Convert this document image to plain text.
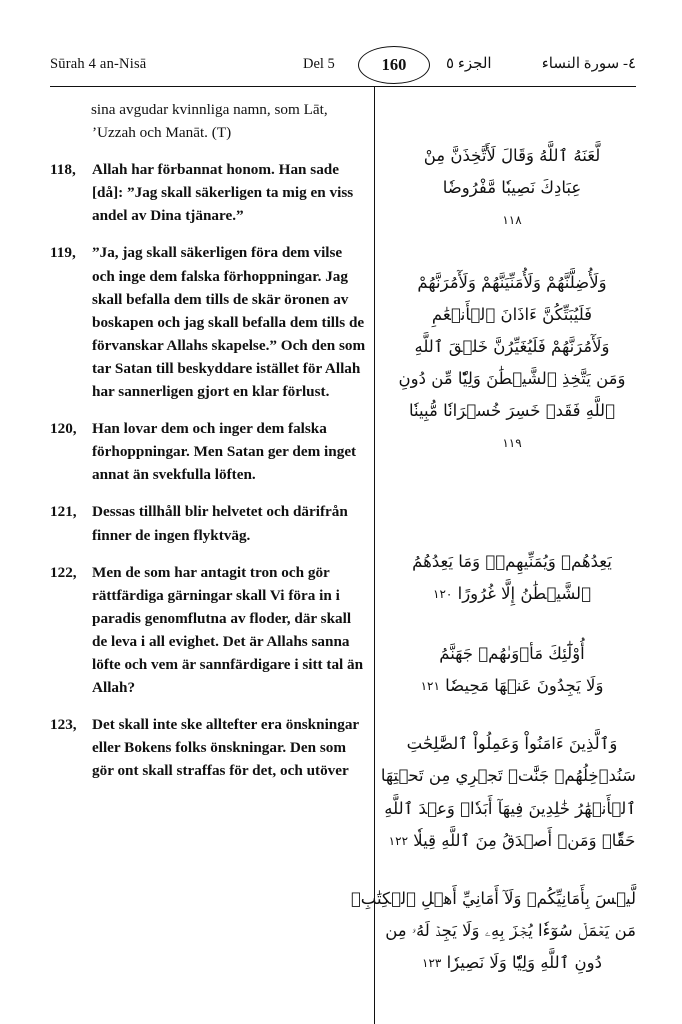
Sūrah 4 an-Nisā	Del 5	160	الجزء ٥	٤- سورة النساء
sina avgudar kvinnliga namn, som Lāt, ’Uzzah och Manāt. (T)
118,	Allah har förbannat honom. Han sade [då]: ”Jag skall säkerligen ta mig en viss andel av Dina tjänare.”
119,	”Ja, jag skall säkerligen föra dem vilse och inge dem falska förhoppningar. Jag skall befalla dem tills de skär öronen av boskapen och jag skall befalla dem tills de förvanskar Allahs skapelse.” Och den som tar Satan till beskyddare istället för Allah har sannerligen gjort en klar förlust.
120,	Han lovar dem och inger dem falska förhoppningar. Men Satan ger dem inget annat än svekfulla löften.
121,	Dessas tillhåll blir helvetet och därifrån finner de ingen flyktväg.
122,	Men de som har antagit tron och gör rättfärdiga gärningar skall Vi föra in i paradis genomflutna av floder, där skall de leva i all evighet. Det är Allahs sanna löfte och vem är sannfärdigare i sitt tal än Allah?
123,	Det skall inte ske alltefter era önskningar eller Bokens folks önskningar. Den som gör ont skall straffas för det, och utöver
لَّعَنَهُ ٱللَّهُ وَقَالَ لَأَتَّخِذَنَّ مِنْ
عِبَادِكَ نَصِيبٗا مَّفْرُوضٗا
١١٨
وَلَأُضِلَّنَّهُمْ وَلَأُمَنِّيَنَّهُمْ وَلَأٓمُرَنَّهُمْ
فَلَيُبَتِّكُنَّ ءَاذَانَ ٱلۡأَنۡعَٰمِ
وَلَأٓمُرَنَّهُمْ فَلَيُغَيِّرُنَّ خَلۡقَ ٱللَّهِ
وَمَن يَتَّخِذِ ٱلشَّيۡطَٰنَ وَلِيّٗا مِّن دُونِ
ٱللَّهِ فَقَدۡ خَسِرَ خُسۡرَانٗا مُّبِينٗا
١١٩
يَعِدُهُمۡ وَيُمَنِّيهِمۡۖ وَمَا يَعِدُهُمُ
ٱلشَّيۡطَٰنُ إِلَّا غُرُورًا ١٢٠
أُوْلَٰٓئِكَ مَأۡوَىٰهُمۡ جَهَنَّمُ
وَلَا يَجِدُونَ عَنۡهَا مَحِيصٗا ١٢١
وَٱلَّذِينَ ءَامَنُواْ وَعَمِلُواْ ٱلصَّٰلِحَٰتِ
سَنُدۡخِلُهُمۡ جَنَّٰتٖ تَجۡرِي مِن تَحۡتِهَا
ٱلۡأَنۡهَٰرُ خَٰلِدِينَ فِيهَآ أَبَدٗاۖ وَعۡدَ ٱللَّهِ
حَقّٗاۚ وَمَنۡ أَصۡدَقُ مِنَ ٱللَّهِ قِيلٗا ١٢٢
لَّيۡسَ بِأَمَانِيِّكُمۡ وَلَآ أَمَانِيِّ أَهۡلِ ٱلۡكِتَٰبِۗ
مَن يَعۡمَلۡ سُوٓءٗا يُجۡزَ بِهِۦ وَلَا يَجِدۡ لَهُۥ مِن
دُونِ ٱللَّهِ وَلِيّٗا وَلَا نَصِيرٗا ١٢٣
